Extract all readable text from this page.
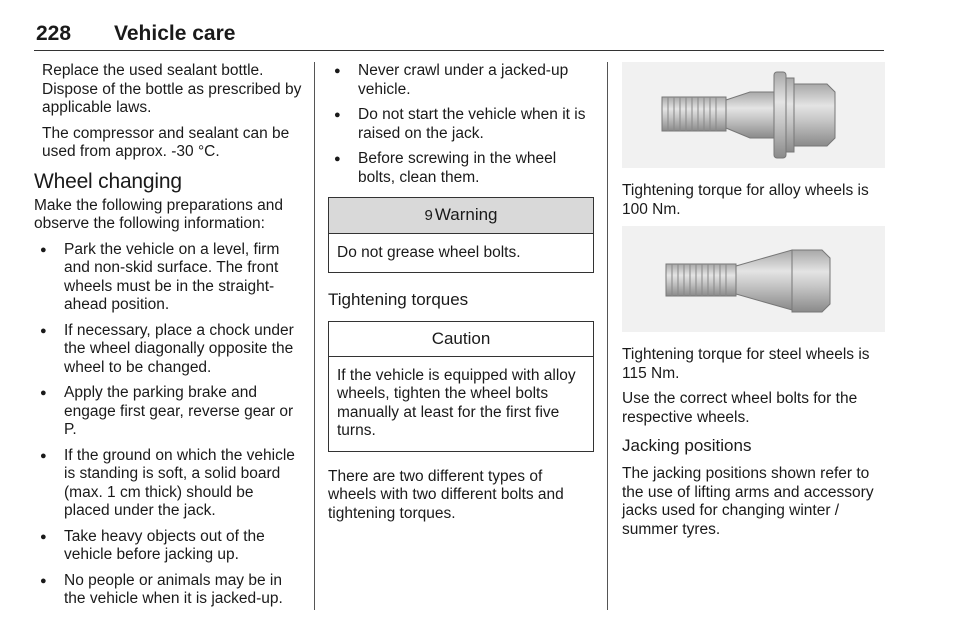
228 Vehicle care

Replace the used sealant bottle. Dispose of the bottle as prescribed by applicable laws.

The compressor and sealant can be used from approx. -30 °C.

Wheel changing

Make the following preparations and observe the following information:

● Park the vehicle on a level, firm and non-skid surface. The front wheels must be in the straight-ahead position.
● If necessary, place a chock under the wheel diagonally opposite the wheel to be changed.
● Apply the parking brake and engage first gear, reverse gear or P.
● If the ground on which the vehicle is standing is soft, a solid board (max. 1 cm thick) should be placed under the jack.
● Take heavy objects out of the vehicle before jacking up.
● No people or animals may be in the vehicle when it is jacked-up.
● Never crawl under a jacked-up vehicle.
● Do not start the vehicle when it is raised on the jack.
● Before screwing in the wheel bolts, clean them.
9 Warning
Do not grease wheel bolts.
Tightening torques
Caution
If the vehicle is equipped with alloy wheels, tighten the wheel bolts manually at least for the first five turns.

There are two different types of wheels with two different bolts and tightening torques.

Tightening torque for alloy wheels is 100 Nm.

Tightening torque for steel wheels is 115 Nm.

Use the correct wheel bolts for the respective wheels.

Jacking positions

The jacking positions shown refer to the use of lifting arms and accessory jacks used for changing winter / summer tyres.
